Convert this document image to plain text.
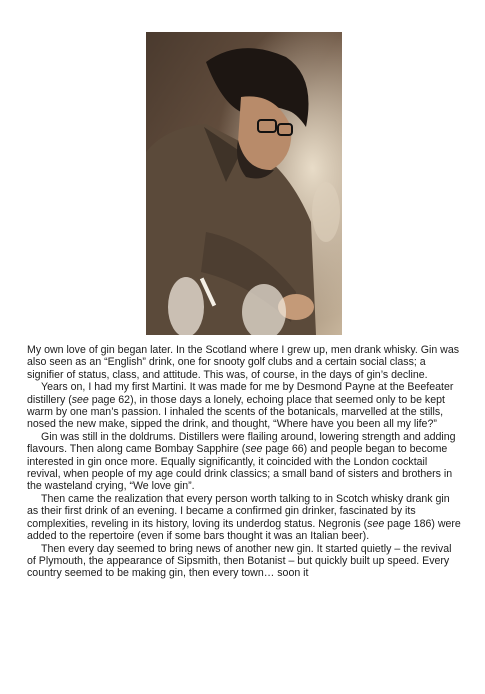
My own love of gin began later. In the Scotland where I grew up, men drank whisky. Gin was also seen as an “English” drink, one for snooty golf clubs and a certain social class; a signifier of status, class, and attitude. This was, of course, in the days of gin’s decline.

Years on, I had my first Martini. It was made for me by Desmond Payne at the Beefeater distillery (see page 62), in those days a lonely, echoing place that seemed only to be kept warm by one man’s passion. I inhaled the scents of the botanicals, marvelled at the stills, nosed the new make, sipped the drink, and thought, “Where have you been all my life?”

Gin was still in the doldrums. Distillers were flailing around, lowering strength and adding flavours. Then along came Bombay Sapphire (see page 66) and people began to become interested in gin once more. Equally significantly, it coincided with the London cocktail revival, when people of my age could drink classics; a small band of sisters and brothers in the wasteland crying, “We love gin”.

Then came the realization that every person worth talking to in Scotch whisky drank gin as their first drink of an evening. I became a confirmed gin drinker, fascinated by its complexities, reveling in its history, loving its underdog status. Negronis (see page 186) were added to the repertoire (even if some bars thought it was an Italian beer).

Then every day seemed to bring news of another new gin. It started quietly – the revival of Plymouth, the appearance of Sipsmith, then Botanist – but quickly built up speed. Every country seemed to be making gin, then every town… soon it
